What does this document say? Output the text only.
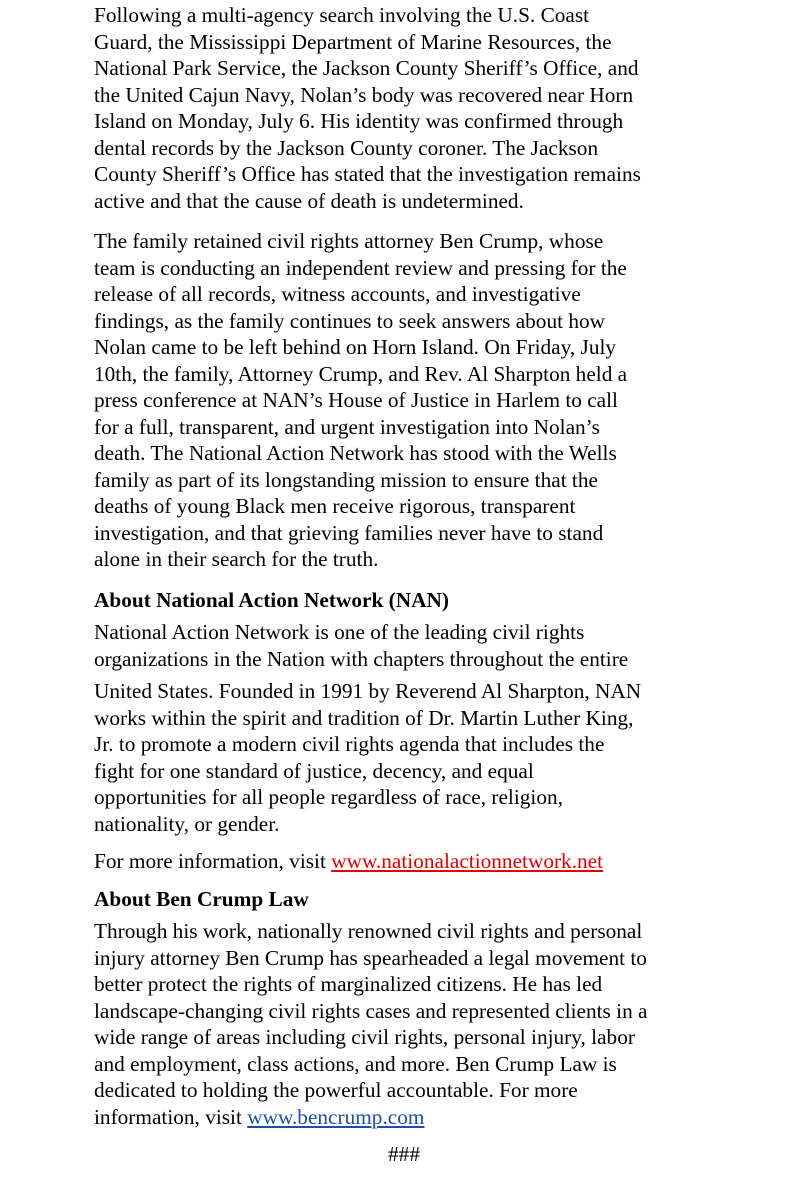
Following a multi-agency search involving the U.S. Coast
Guard, the Mississippi Department of Marine Resources, the
National Park Service, the Jackson County Sheriff’s Office, and
the United Cajun Navy, Nolan’s body was recovered near Horn
Island on Monday, July 6. His identity was confirmed through
dental records by the Jackson County coroner. The Jackson
County Sheriff’s Office has stated that the investigation remains
active and that the cause of death is undetermined.
The family retained civil rights attorney Ben Crump, whose
team is conducting an independent review and pressing for the
release of all records, witness accounts, and investigative
findings, as the family continues to seek answers about how
Nolan came to be left behind on Horn Island. On Friday, July
10th, the family, Attorney Crump, and Rev. Al Sharpton held a
press conference at NAN’s House of Justice in Harlem to call
for a full, transparent, and urgent investigation into Nolan’s
death. The National Action Network has stood with the Wells
family as part of its longstanding mission to ensure that the
deaths of young Black men receive rigorous, transparent
investigation, and that grieving families never have to stand
alone in their search for the truth.
About National Action Network (NAN)
National Action Network is one of the leading civil rights
organizations in the Nation with chapters throughout the entire
United States. Founded in 1991 by Reverend Al Sharpton, NAN
works within the spirit and tradition of Dr. Martin Luther King,
Jr. to promote a modern civil rights agenda that includes the
fight for one standard of justice, decency, and equal
opportunities for all people regardless of race, religion,
nationality, or gender.
For more information, visit www.nationalactionnetwork.net
About Ben Crump Law
Through his work, nationally renowned civil rights and personal
injury attorney Ben Crump has spearheaded a legal movement to
better protect the rights of marginalized citizens. He has led
landscape-changing civil rights cases and represented clients in a
wide range of areas including civil rights, personal injury, labor
and employment, class actions, and more. Ben Crump Law is
dedicated to holding the powerful accountable. For more
information, visit www.bencrump.com
###
